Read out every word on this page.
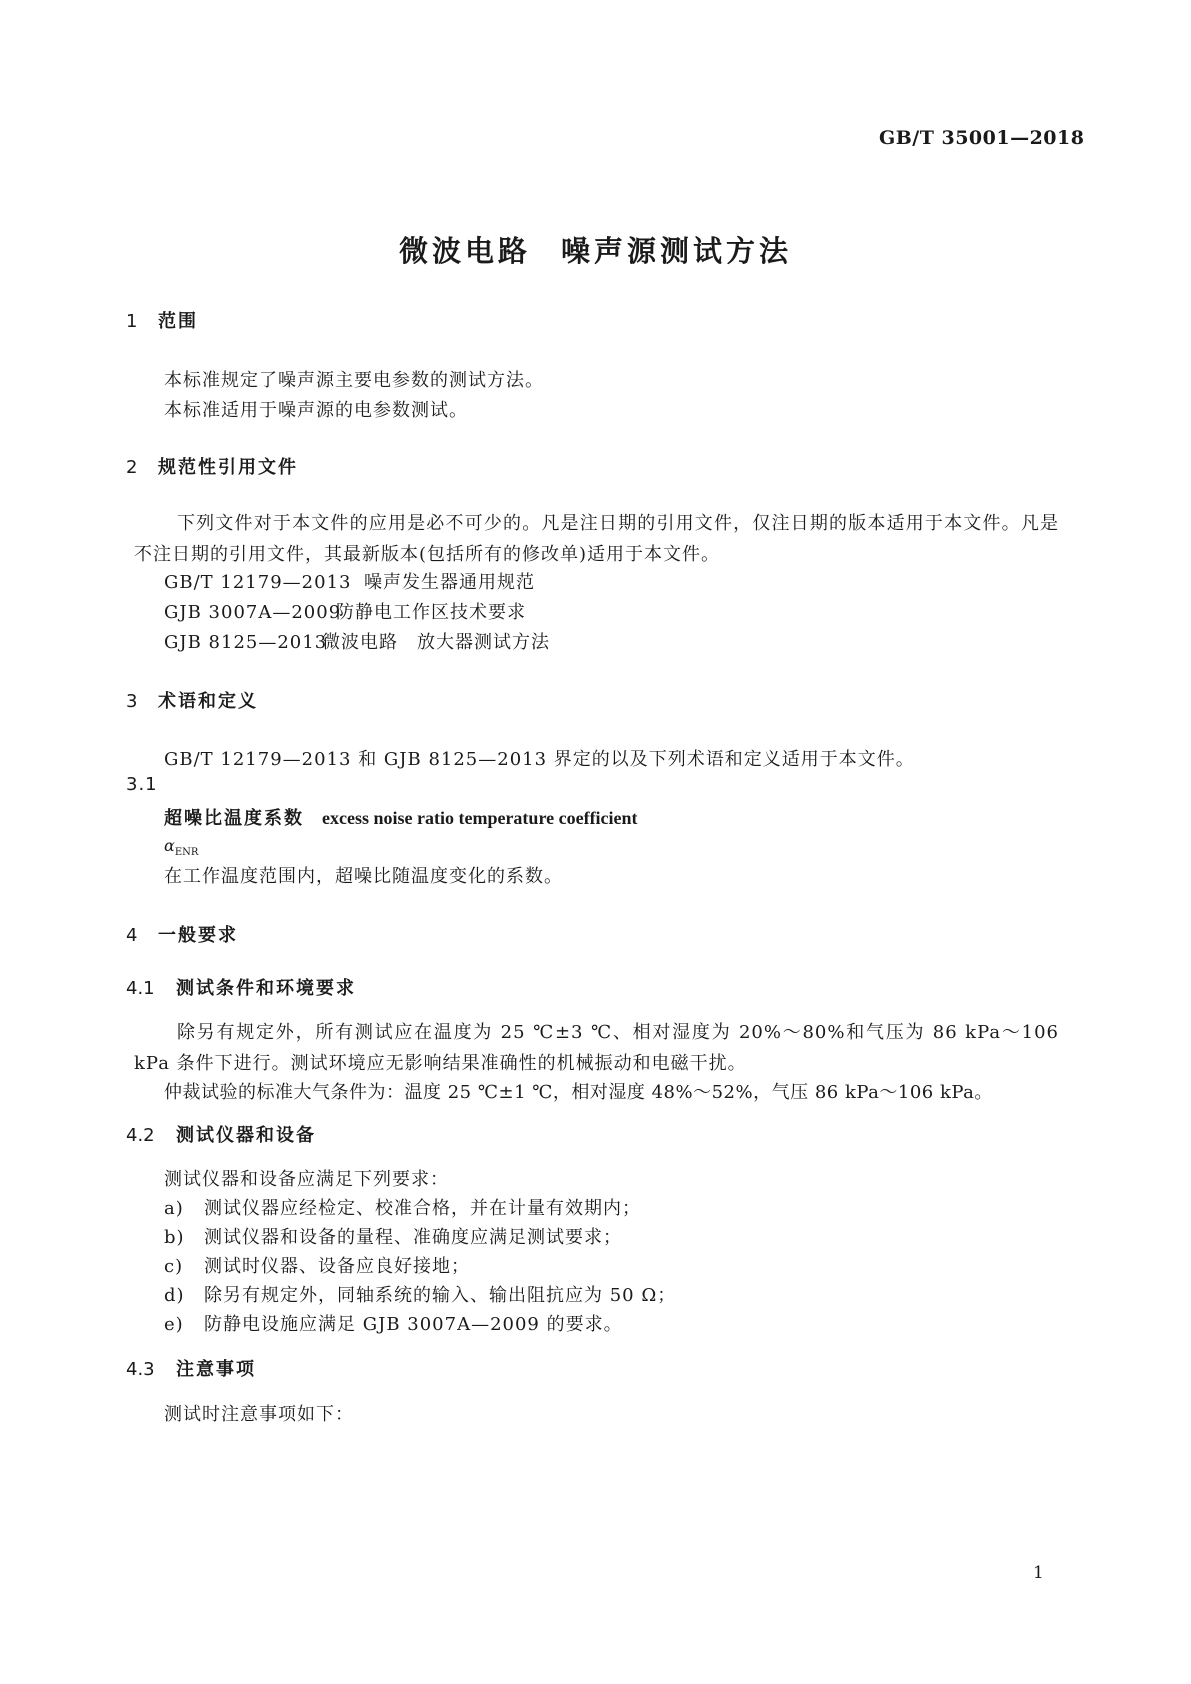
GB/T 35001—2018
微波电路 噪声源测试方法
1 范围
本标准规定了噪声源主要电参数的测试方法。
本标准适用于噪声源的电参数测试。
2 规范性引用文件
下列文件对于本文件的应用是必不可少的。凡是注日期的引用文件，仅注日期的版本适用于本文件。凡是不注日期的引用文件，其最新版本(包括所有的修改单)适用于本文件。
GB/T 12179—2013 噪声发生器通用规范
GJB 3007A—2009防静电工作区技术要求
GJB 8125—2013微波电路　放大器测试方法
3 术语和定义
GB/T 12179—2013 和 GJB 8125—2013 界定的以及下列术语和定义适用于本文件。
3.1
超噪比温度系数 excess noise ratio temperature coefficient
$\alpha_{ENR}$
在工作温度范围内，超噪比随温度变化的系数。
4 一般要求
4.1 测试条件和环境要求
除另有规定外，所有测试应在温度为 25 ℃±3 ℃、相对湿度为 20%～80%和气压为 86 kPa～106 kPa 条件下进行。测试环境应无影响结果准确性的机械振动和电磁干扰。
仲裁试验的标准大气条件为：温度 25 ℃±1 ℃，相对湿度 48%～52%，气压 86 kPa～106 kPa。
4.2 测试仪器和设备
测试仪器和设备应满足下列要求：
a) 测试仪器应经检定、校准合格，并在计量有效期内；
b) 测试仪器和设备的量程、准确度应满足测试要求；
c) 测试时仪器、设备应良好接地；
d) 除另有规定外，同轴系统的输入、输出阻抗应为 50 Ω；
e) 防静电设施应满足 GJB 3007A—2009 的要求。
4.3 注意事项
测试时注意事项如下：
1
